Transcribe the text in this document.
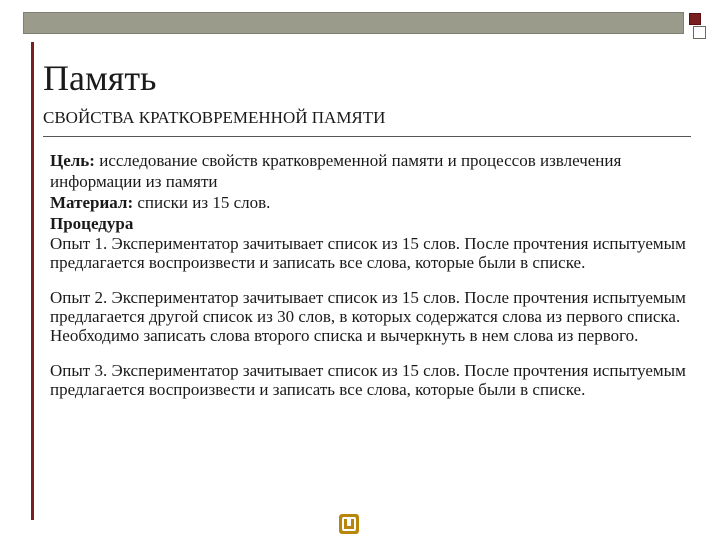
Память
СВОЙСТВА КРАТКОВРЕМЕННОЙ ПАМЯТИ

Цель: исследование свойств кратковременной памяти и процессов извлечения информации из памяти

Материал: списки из 15 слов.

Процедура

Опыт 1. Экспериментатор зачитывает список из 15 слов. После прочтения испытуемым предлагается воспроизвести и записать все слова, которые были в списке.

Опыт 2. Экспериментатор зачитывает список из 15 слов. После прочтения испытуемым предлагается другой список из 30 слов, в которых содержатся слова из первого списка. Необходимо записать слова второго списка и вычеркнуть в нем слова из первого.

Опыт 3. Экспериментатор зачитывает список из 15 слов. После прочтения испытуемым предлагается воспроизвести и записать все слова, которые были в списке.
